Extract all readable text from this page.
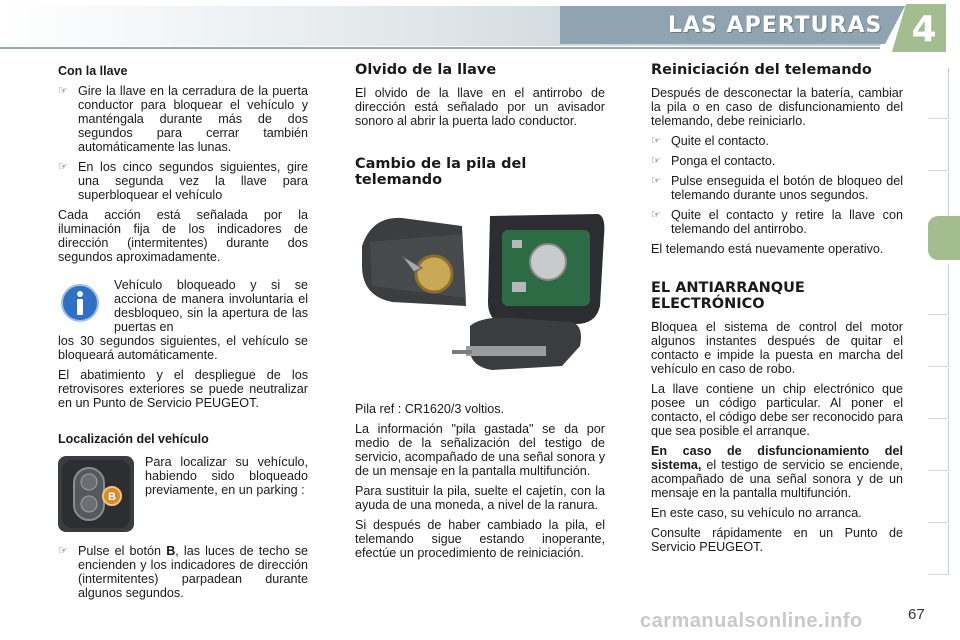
LAS APERTURAS 4
Con la llave
☞ Gire la llave en la cerradura de la puerta conductor para bloquear el vehículo y manténgala durante más de dos segundos para cerrar también automáticamente las lunas.
☞ En los cinco segundos siguientes, gire una segunda vez la llave para superbloquear el vehículo

Cada acción está señalada por la iluminación fija de los indicadores de dirección (intermitentes) durante dos segundos aproximadamente.

Vehículo bloqueado y si se acciona de manera involuntaria el desbloqueo, sin la apertura de las puertas en

los 30 segundos siguientes, el vehículo se bloqueará automáticamente.

El abatimiento y el despliegue de los retrovisores exteriores se puede neutralizar en un Punto de Servicio PEUGEOT.

Localización del vehículo
B

Para localizar su vehículo, habiendo sido bloqueado previamente, en un parking :

☞ Pulse el botón B, las luces de techo se encienden y los indicadores de dirección (intermitentes) parpadean durante algunos segundos.
Olvido de la llave

El olvido de la llave en el antirrobo de dirección está señalado por un avisador sonoro al abrir la puerta lado conductor.

Cambio de la pila del telemando

Pila ref : CR1620/3 voltios.

La información "pila gastada" se da por medio de la señalización del testigo de servicio, acompañado de una señal sonora y de un mensaje en la pantalla multifunción.

Para sustituir la pila, suelte el cajetín, con la ayuda de una moneda, a nivel de la ranura.

Si después de haber cambiado la pila, el telemando sigue estando inoperante, efectúe un procedimiento de reiniciación.

Reiniciación del telemando

Después de desconectar la batería, cambiar la pila o en caso de disfuncionamiento del telemando, debe reiniciarlo.

☞ Quite el contacto.
☞ Ponga el contacto.
☞ Pulse enseguida el botón de bloqueo del telemando durante unos segundos.
☞ Quite el contacto y retire la llave con telemando del antirrobo.

El telemando está nuevamente operativo.

EL ANTIARRANQUE ELECTRÓNICO

Bloquea el sistema de control del motor algunos instantes después de quitar el contacto e impide la puesta en marcha del vehículo en caso de robo.

La llave contiene un chip electrónico que posee un código particular. Al poner el contacto, el código debe ser reconocido para que sea posible el arranque.

En caso de disfuncionamiento del sistema, el testigo de servicio se enciende, acompañado de una señal sonora y de un mensaje en la pantalla multifunción.

En este caso, su vehículo no arranca.

Consulte rápidamente en un Punto de Servicio PEUGEOT.

carmanualsonline.info	67
